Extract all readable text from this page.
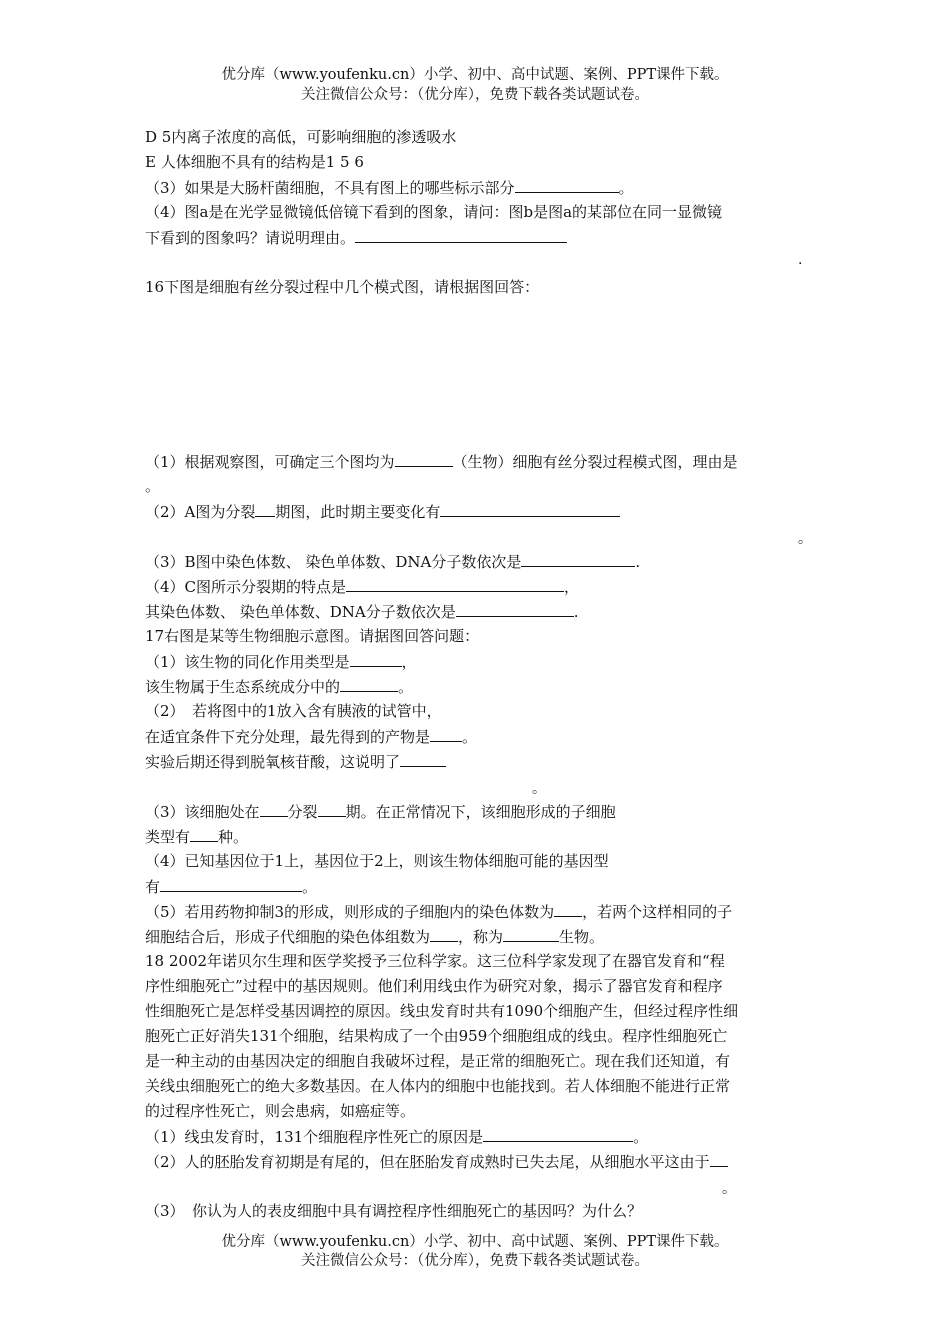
优分库（www.youfenku.cn）小学、初中、高中试题、案例、PPT课件下载。
关注微信公众号：（优分库），免费下载各类试题试卷。
D 5内离子浓度的高低，可影响细胞的渗透吸水
E 人体细胞不具有的结构是1 5 6
（3）如果是大肠杆菌细胞，不具有图上的哪些标示部分	。
（4）图a是在光学显微镜低倍镜下看到的图象，请问：图b是图a的某部位在同一显微镜
下看到的图象吗？请说明理由。
.
16下图是细胞有丝分裂过程中几个模式图，请根据图回答：
（1）根据观察图，可确定三个图均为	（生物）细胞有丝分裂过程模式图，理由是
。
（2）A图为分裂 期图，此时期主要变化有
。
（3）B图中染色体数、 染色单体数、DNA分子数依次是	.
（4）C图所示分裂期的特点是	，
其染色体数、 染色单体数、DNA分子数依次是	.
17右图是某等生物细胞示意图。请据图回答问题：
（1）该生物的同化作用类型是	，
该生物属于生态系统成分中的	。
（2）　若将图中的1放入含有胰液的试管中，
在适宜条件下充分处理，最先得到的产物是 。
实验后期还得到脱氧核苷酸，这说明了
。
（3）该细胞处在 分裂 期。在正常情况下，该细胞形成的子细胞
类型有 种。
（4）已知基因位于1上，基因位于2上，则该生物体细胞可能的基因型
有	。
（5）若用药物抑制3的形成，则形成的子细胞内的染色体数为 ，若两个这样相同的子
细胞结合后，形成子代细胞的染色体组数为 ，称为	生物。
18 2002年诺贝尔生理和医学奖授予三位科学家。这三位科学家发现了在器官发育和“程
序性细胞死亡”过程中的基因规则。他们利用线虫作为研究对象，揭示了器官发育和程序
性细胞死亡是怎样受基因调控的原因。线虫发育时共有1090个细胞产生，但经过程序性细
胞死亡正好消失131个细胞，结果构成了一个由959个细胞组成的线虫。程序性细胞死亡
是一种主动的由基因决定的细胞自我破坏过程，是正常的细胞死亡。现在我们还知道，有
关线虫细胞死亡的绝大多数基因。在人体内的细胞中也能找到。若人体细胞不能进行正常
的过程序性死亡，则会患病，如癌症等。
（1）线虫发育时，131个细胞程序性死亡的原因是	。
（2）人的胚胎发育初期是有尾的，但在胚胎发育成熟时已失去尾，从细胞水平这由于
。
（3）　你认为人的表皮细胞中具有调控程序性细胞死亡的基因吗？为什么？
优分库（www.youfenku.cn）小学、初中、高中试题、案例、PPT课件下载。
关注微信公众号：（优分库），免费下载各类试题试卷。
